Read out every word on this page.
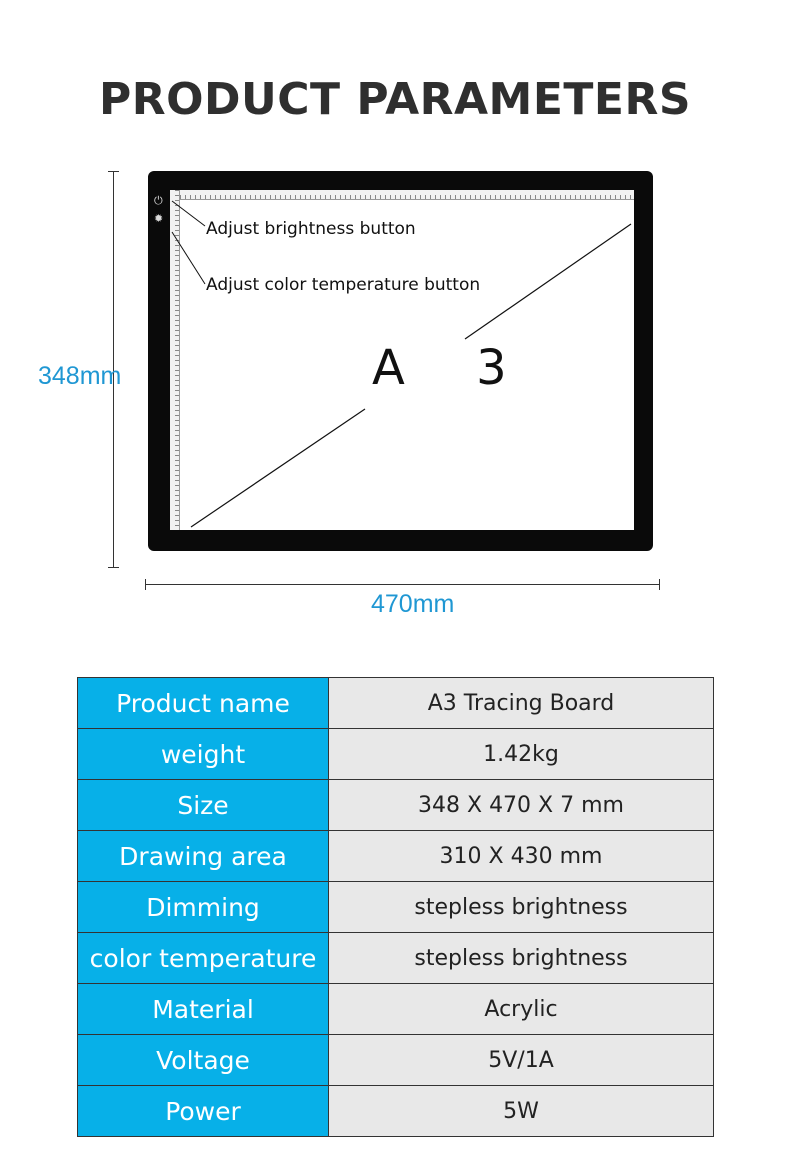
PRODUCT PARAMETERS
348mm
⏻
✹
Adjust brightness button
Adjust color temperature button
A 3
470mm
Product name	A3 Tracing Board
weight	1.42kg
Size	348 X 470 X 7 mm
Drawing area	310 X 430 mm
Dimming	stepless brightness
color temperature	stepless brightness
Material	Acrylic
Voltage	5V/1A
Power	5W
